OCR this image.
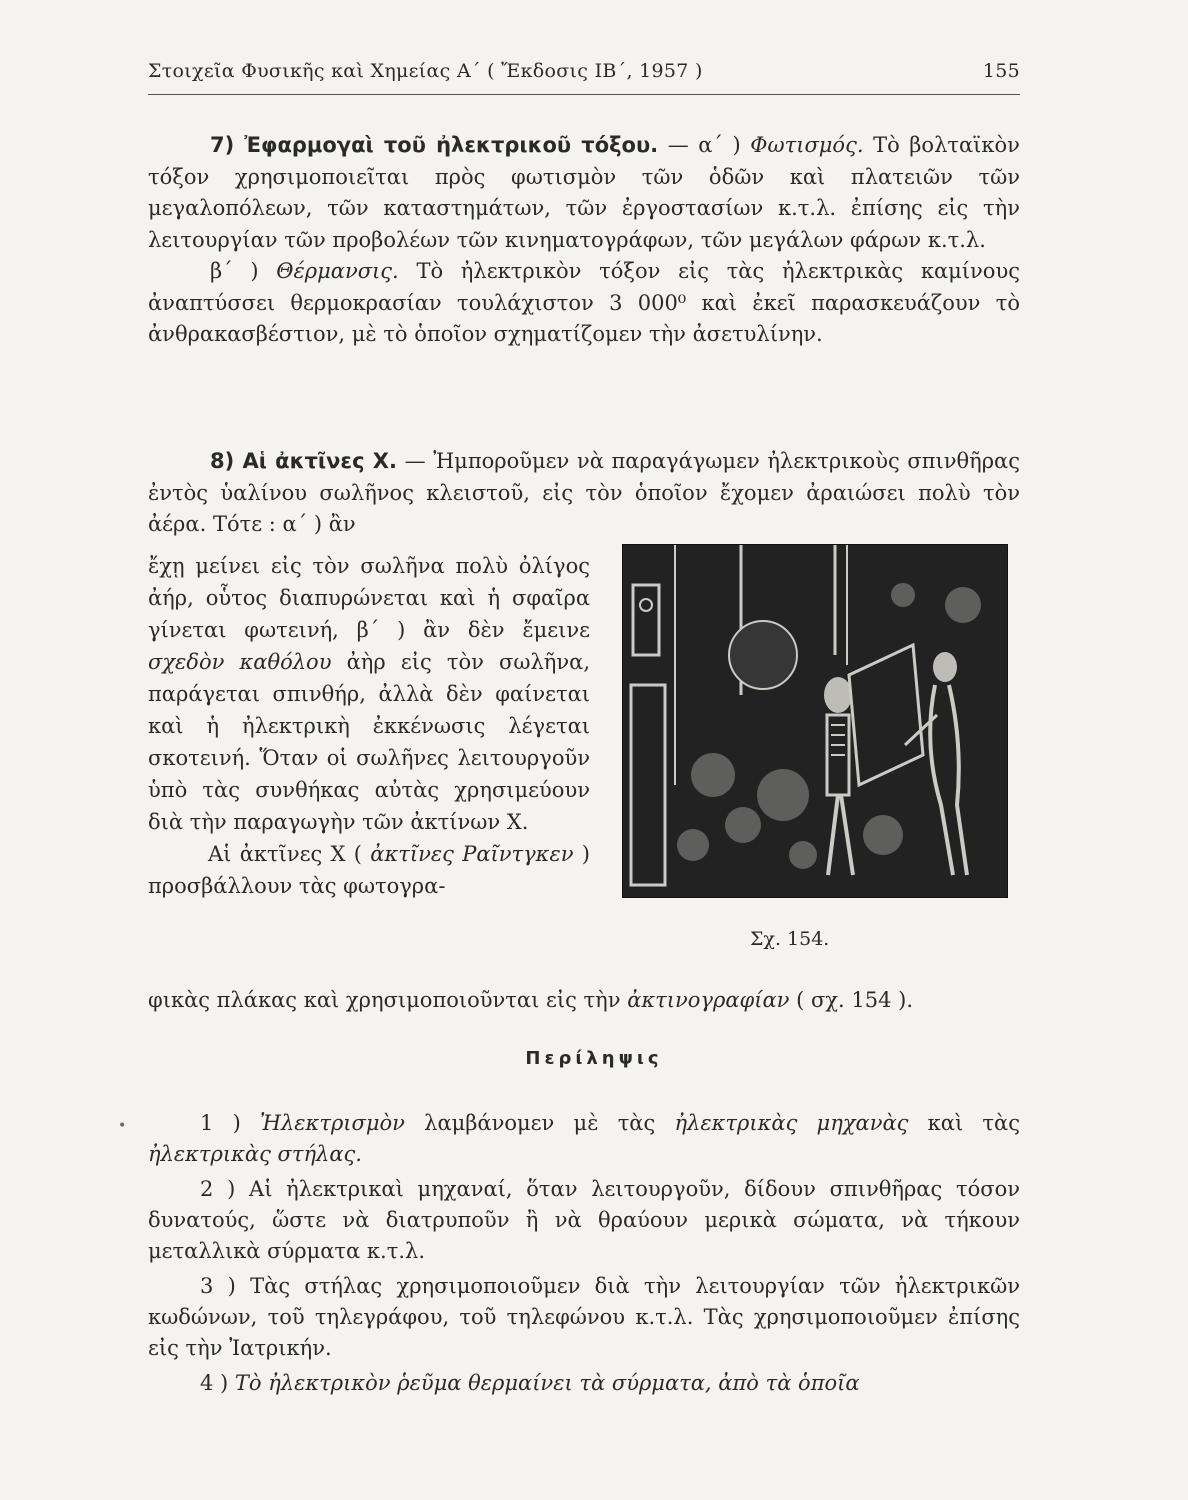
Στοιχεῖα Φυσικῆς καὶ Χημείας Α΄ ( Ἔκδοσις ΙΒ΄, 1957 )	155
7) Ἐφαρμογαὶ τοῦ ἠλεκτρικοῦ τόξου. — α΄ ) Φωτισμός. Τὸ βολταϊκὸν τόξον χρησιμοποιεῖται πρὸς φωτισμὸν τῶν ὁδῶν καὶ πλατειῶν τῶν μεγαλοπόλεων, τῶν καταστημάτων, τῶν ἐργοστασίων κ.τ.λ. ἐπίσης εἰς τὴν λειτουργίαν τῶν προβολέων τῶν κινηματογράφων, τῶν μεγάλων φάρων κ.τ.λ.
β΄ ) Θέρμανσις. Τὸ ἠλεκτρικὸν τόξον εἰς τὰς ἠλεκτρικὰς καμίνους ἀναπτύσσει θερμοκρασίαν τουλάχιστον 3 000⁰ καὶ ἐκεῖ παρασκευάζουν τὸ ἀνθρακασβέστιον, μὲ τὸ ὁποῖον σχηματίζομεν τὴν ἀσετυλίνην.
8) Αἱ ἀκτῖνες Χ. — Ἠμποροῦμεν νὰ παραγάγωμεν ἠλεκτρικοὺς σπινθῆρας ἐντὸς ὑαλίνου σωλῆνος κλειστοῦ, εἰς τὸν ὁποῖον ἔχομεν ἀραιώσει πολὺ τὸν ἀέρα. Τότε : α΄ ) ἂν
ἔχῃ μείνει εἰς τὸν σωλῆνα πολὺ ὀλίγος ἀήρ, οὗτος διαπυρώνεται καὶ ἡ σφαῖρα γίνεται φωτεινή, β΄ ) ἂν δὲν ἔμεινε σχεδὸν καθόλου ἀὴρ εἰς τὸν σωλῆνα, παράγεται σπινθήρ, ἀλλὰ δὲν φαίνεται καὶ ἡ ἠλεκτρικὴ ἐκκένωσις λέγεται σκοτεινή. Ὅταν οἱ σωλῆνες λειτουργοῦν ὑπὸ τὰς συνθήκας αὐτὰς χρησιμεύουν διὰ τὴν παραγωγὴν τῶν ἀκτίνων Χ.
Αἱ ἀκτῖνες Χ ( ἀκτῖνες Ραῖντγκεν ) προσβάλλουν τὰς φωτογρα-
Σχ. 154.
φικὰς πλάκας καὶ χρησιμοποιοῦνται εἰς τὴν ἀκτινογραφίαν ( σχ. 154 ).
Περίληψις
•	1 ) Ἠλεκτρισμὸν λαμβάνομεν μὲ τὰς ἠλεκτρικὰς μηχανὰς καὶ τὰς ἠλεκτρικὰς στήλας.

2 ) Αἱ ἠλεκτρικαὶ μηχαναί, ὅταν λειτουργοῦν, δίδουν σπινθῆρας τόσον δυνατούς, ὥστε νὰ διατρυποῦν ἢ νὰ θραύουν μερικὰ σώματα, νὰ τήκουν μεταλλικὰ σύρματα κ.τ.λ.

3 ) Τὰς στήλας χρησιμοποιοῦμεν διὰ τὴν λειτουργίαν τῶν ἠλεκτρικῶν κωδώνων, τοῦ τηλεγράφου, τοῦ τηλεφώνου κ.τ.λ. Τὰς χρησιμοποιοῦμεν ἐπίσης εἰς τὴν Ἰατρικήν.

4 ) Τὸ ἠλεκτρικὸν ῥεῦμα θερμαίνει τὰ σύρματα, ἀπὸ τὰ ὁποῖα
